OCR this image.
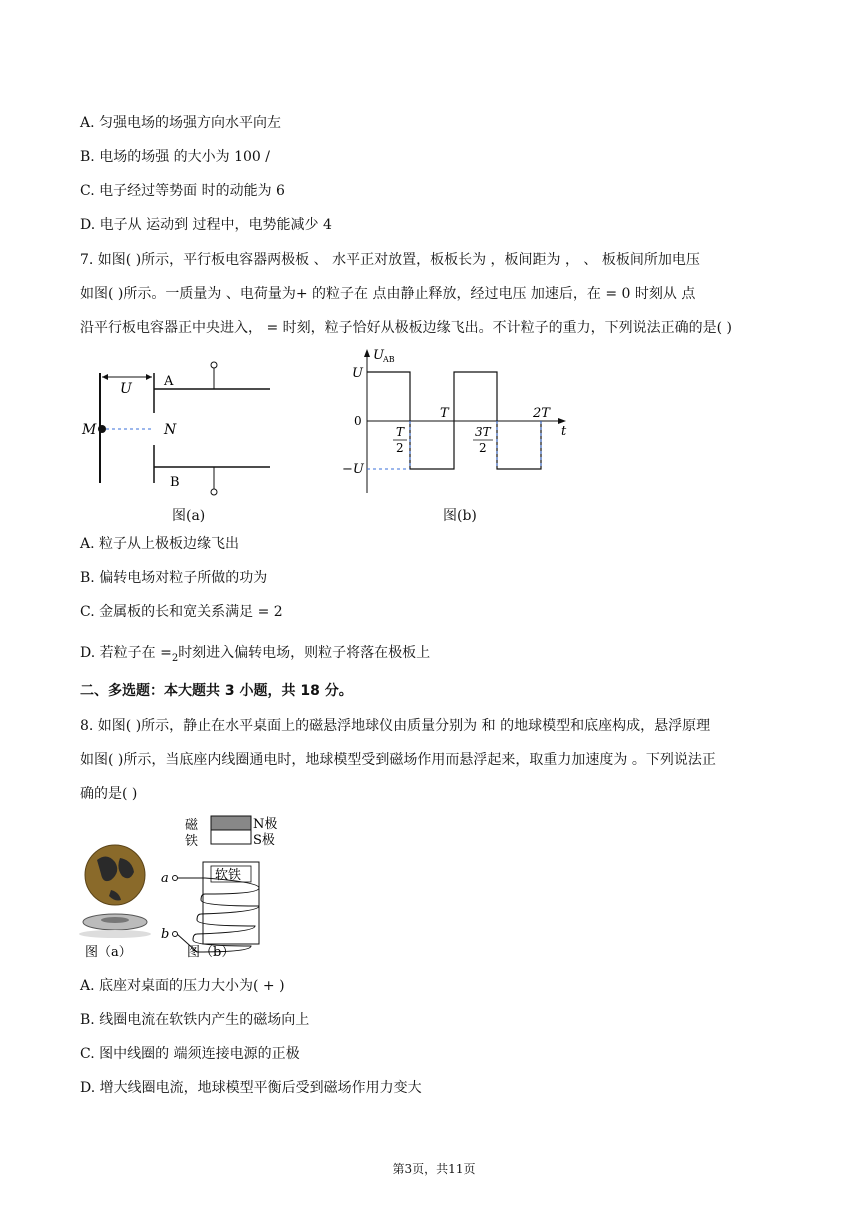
A. 匀强电场的场强方向水平向左
B. 电场的场强 的大小为 100 /
C. 电子经过等势面 时的动能为 6
D. 电子从 运动到 过程中，电势能减少 4
7. 如图( )所示，平行板电容器两极板 、 水平正对放置，板板长为 ，板间距为 ， 、 板板间所加电压
如图( )所示。一质量为 、电荷量为+ 的粒子在 点由静止释放，经过电压 加速后，在 = 0 时刻从 点
沿平行板电容器正中央进入， = 时刻，粒子恰好从极板边缘飞出。不计粒子的重力，下列说法正确的是( )
U A
M	N
B
图(a)
U AB
U
0
−U
T	2T
T
2
3T
2
t
图(b)
A. 粒子从上极板边缘飞出
B. 偏转电场对粒子所做的功为
C. 金属板的长和宽关系满足 = 2
D. 若粒子在 =2时刻进入偏转电场，则粒子将落在极板上
二、多选题：本大题共 3 小题，共 18 分。
8. 如图( )所示，静止在水平桌面上的磁悬浮地球仪由质量分别为 和 的地球模型和底座构成，悬浮原理
如图( )所示，当底座内线圈通电时，地球模型受到磁场作用而悬浮起来，取重力加速度为 。下列说法正
确的是( )
磁
铁
N极
S极
软铁
a
b
图（a）	图（b）
A. 底座对桌面的压力大小为( + )
B. 线圈电流在软铁内产生的磁场向上
C. 图中线圈的 端须连接电源的正极
D. 增大线圈电流，地球模型平衡后受到磁场作用力变大
第3页，共11页
